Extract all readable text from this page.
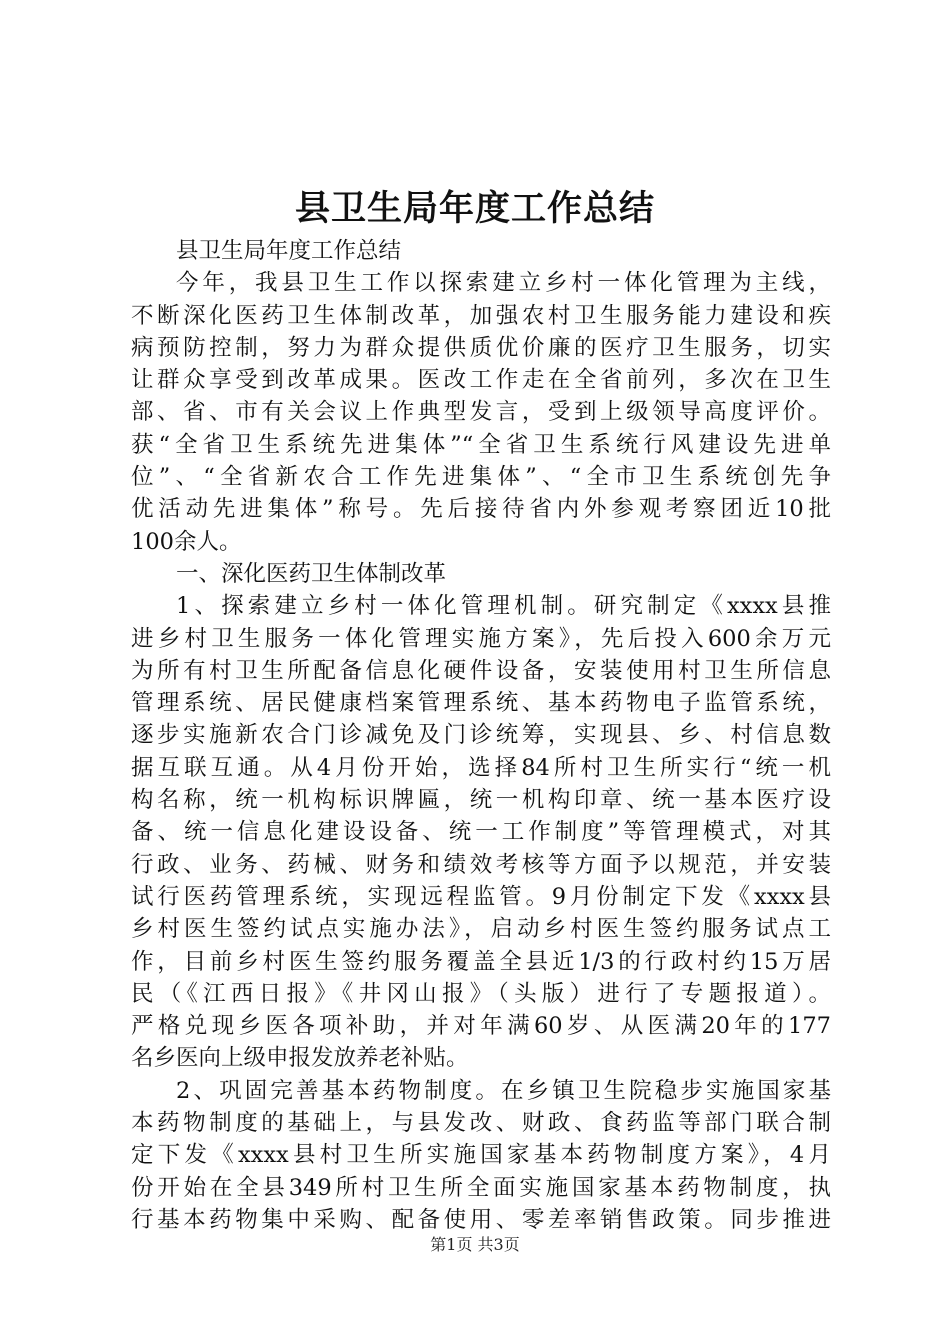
县卫生局年度工作总结
县卫生局年度工作总结
今年，我县卫生工作以探索建立乡村一体化管理为主线，
不断深化医药卫生体制改革，加强农村卫生服务能力建设和疾
病预防控制，努力为群众提供质优价廉的医疗卫生服务，切实
让群众享受到改革成果。医改工作走在全省前列，多次在卫生
部、省、市有关会议上作典型发言，受到上级领导高度评价。
获“全省卫生系统先进集体”“全省卫生系统行风建设先进单
位”、“全省新农合工作先进集体”、“全市卫生系统创先争
优活动先进集体”称号。先后接待省内外参观考察团近10批
100余人。
一、深化医药卫生体制改革
1、探索建立乡村一体化管理机制。研究制定《xxxx县推
进乡村卫生服务一体化管理实施方案》，先后投入600余万元
为所有村卫生所配备信息化硬件设备，安装使用村卫生所信息
管理系统、居民健康档案管理系统、基本药物电子监管系统，
逐步实施新农合门诊减免及门诊统筹，实现县、乡、村信息数
据互联互通。从4月份开始，选择84所村卫生所实行“统一机
构名称，统一机构标识牌匾，统一机构印章、统一基本医疗设
备、统一信息化建设设备、统一工作制度”等管理模式，对其
行政、业务、药械、财务和绩效考核等方面予以规范，并安装
试行医药管理系统，实现远程监管。9月份制定下发《xxxx县
乡村医生签约试点实施办法》，启动乡村医生签约服务试点工
作，目前乡村医生签约服务覆盖全县近1/3的行政村约15万居
民（《江西日报》《井冈山报》（头版）进行了专题报道）。
严格兑现乡医各项补助，并对年满60岁、从医满20年的177
名乡医向上级申报发放养老补贴。
2、巩固完善基本药物制度。在乡镇卫生院稳步实施国家基
本药物制度的基础上，与县发改、财政、食药监等部门联合制
定下发《xxxx县村卫生所实施国家基本药物制度方案》，4月
份开始在全县349所村卫生所全面实施国家基本药物制度，执
行基本药物集中采购、配备使用、零差率销售政策。同步推进
第1页 共3页
